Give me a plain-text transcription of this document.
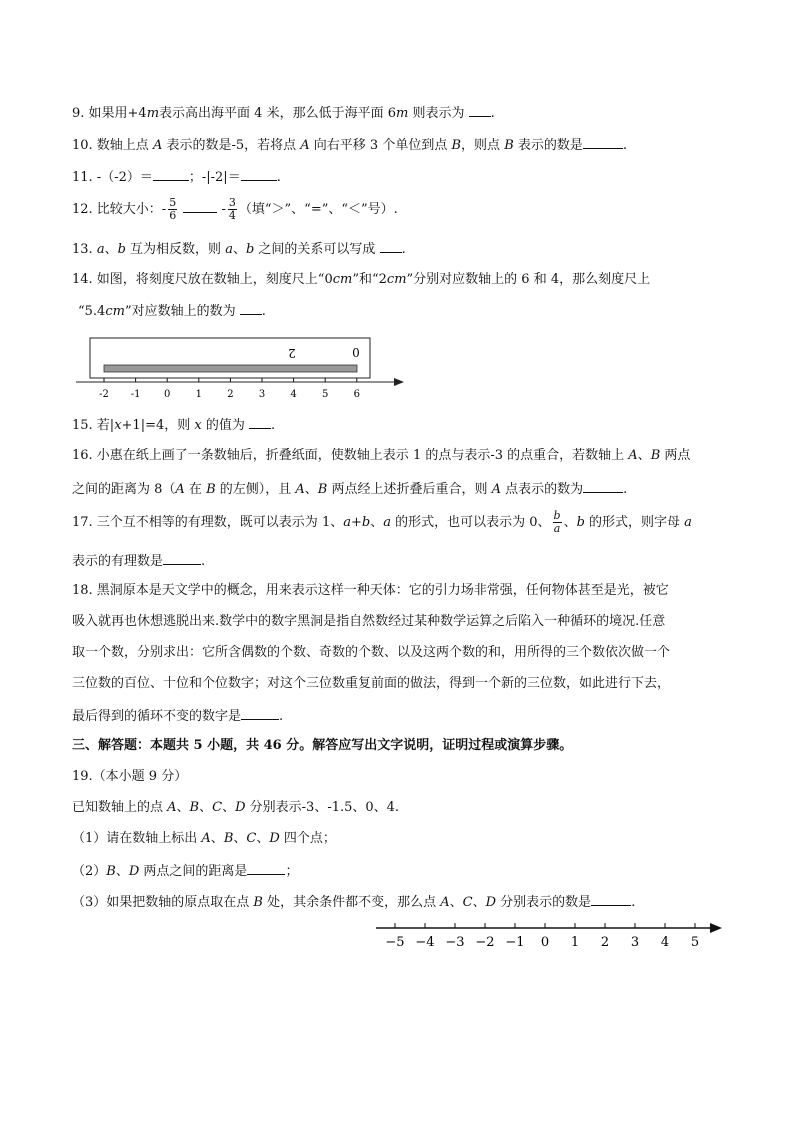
9. 如果用+4m表示高出海平面 4 米，那么低于海平面 6m 则表示为 .
10. 数轴上点 A 表示的数是-5，若将点 A 向右平移 3 个单位到点 B，则点 B 表示的数是	.
11. -（-2）＝	；-|-2|＝	.
12. 比较大小：- $\frac{5}{6}$	- $\frac{3}{4}$ （填“＞”、“=”、“＜”号）.
13. a、b 互为相反数，则 a、b 之间的关系可以写成 .
14. 如图，将刻度尺放在数轴上，刻度尺上“0cm”和“2cm”分别对应数轴上的 6 和 4，那么刻度尺上
“5.4cm”对应数轴上的数为 .
2	0
-2 -1 0	1	2	3	4	5	6
15. 若|x+1|=4，则 x 的值为 .
16. 小惠在纸上画了一条数轴后，折叠纸面，使数轴上表示 1 的点与表示-3 的点重合，若数轴上 A、B 两点
之间的距离为 8（A 在 B 的左侧），且 A、B 两点经上述折叠后重合，则 A 点表示的数为	.
17. 三个互不相等的有理数，既可以表示为 1、a+b、a 的形式，也可以表示为 0、 $\frac{b}{a}$ 、b 的形式，则字母 a
表示的有理数是	.
18. 黑洞原本是天文学中的概念，用来表示这样一种天体：它的引力场非常强，任何物体甚至是光，被它
吸入就再也休想逃脱出来.数学中的数字黑洞是指自然数经过某种数学运算之后陷入一种循环的境况.任意
取一个数，分别求出：它所含偶数的个数、奇数的个数、以及这两个数的和，用所得的三个数依次做一个
三位数的百位、十位和个位数字；对这个三位数重复前面的做法，得到一个新的三位数，如此进行下去，
最后得到的循环不变的数字是	.
三、解答题：本题共 5 小题，共 46 分。解答应写出文字说明，证明过程或演算步骤。
19.（本小题 9 分）
已知数轴上的点 A、B、C、D 分别表示-3、-1.5、0、4.
（1）请在数轴上标出 A、B、C、D 四个点；
（2）B、D 两点之间的距离是	；
（3）如果把数轴的原点取在点 B 处，其余条件都不变，那么点 A、C、D 分别表示的数是	.
−5 −4 −3 −2 −1 0 1 2 3 4 5
